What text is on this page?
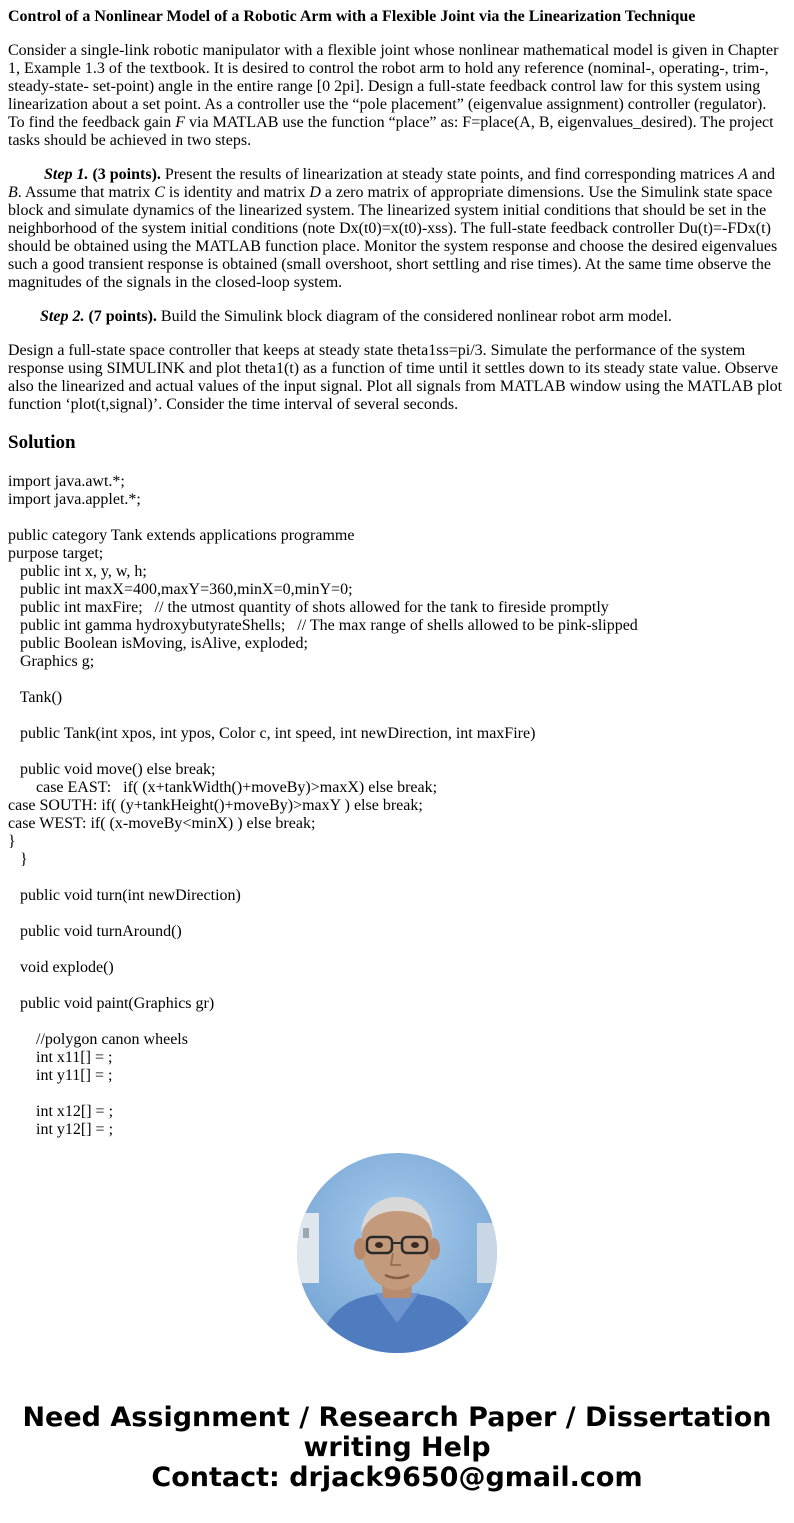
Control of a Nonlinear Model of a Robotic Arm with a Flexible Joint via the Linearization Technique

Consider a single-link robotic manipulator with a flexible joint whose nonlinear mathematical model is given in Chapter 1, Example 1.3 of the textbook. It is desired to control the robot arm to hold any reference (nominal-, operating-, trim-, steady-state- set-point) angle in the entire range [0 2pi]. Design a full-state feedback control law for this system using linearization about a set point. As a controller use the “pole placement” (eigenvalue assignment) controller (regulator). To find the feedback gain F via MATLAB use the function “place” as: F=place(A, B, eigenvalues_desired). The project tasks should be achieved in two steps.

Step 1. (3 points). Present the results of linearization at steady state points, and find corresponding matrices A and B. Assume that matrix C is identity and matrix D a zero matrix of appropriate dimensions. Use the Simulink state space block and simulate dynamics of the linearized system. The linearized system initial conditions that should be set in the neighborhood of the system initial conditions (note Dx(t0)=x(t0)-xss). The full-state feedback controller Du(t)=-FDx(t) should be obtained using the MATLAB function place. Monitor the system response and choose the desired eigenvalues such a good transient response is obtained (small overshoot, short settling and rise times). At the same time observe the magnitudes of the signals in the closed-loop system.

Step 2. (7 points). Build the Simulink block diagram of the considered nonlinear robot arm model.

Design a full-state space controller that keeps at steady state theta1ss=pi/3. Simulate the performance of the system response using SIMULINK and plot theta1(t) as a function of time until it settles down to its steady state value. Observe also the linearized and actual values of the input signal. Plot all signals from MATLAB window using the MATLAB plot function ‘plot(t,signal)’. Consider the time interval of several seconds.

Solution
import java.awt.*;
import java.applet.*;

public category Tank extends applications programme
purpose target;
public int x, y, w, h;
public int maxX=400,maxY=360,minX=0,minY=0;
public int maxFire;   // the utmost quantity of shots allowed for the tank to fireside promptly
public int gamma hydroxybutyrateShells;   // The max range of shells allowed to be pink-slipped
public Boolean isMoving, isAlive, exploded;
Graphics g;

Tank()

public Tank(int xpos, int ypos, Color c, int speed, int newDirection, int maxFire)

public void move() else break;
case EAST:   if( (x+tankWidth()+moveBy)>maxX) else break;
case SOUTH: if( (y+tankHeight()+moveBy)>maxY ) else break;
case WEST: if( (x-moveBy<minX) ) else break;
}
}

public void turn(int newDirection)

public void turnAround()

void explode()

public void paint(Graphics gr)

//polygon canon wheels
int x11[] = ;
int y11[] = ;

int x12[] = ;
int y12[] = ;
Need Assignment / Research Paper / Dissertation
writing Help
Contact: drjack9650@gmail.com
